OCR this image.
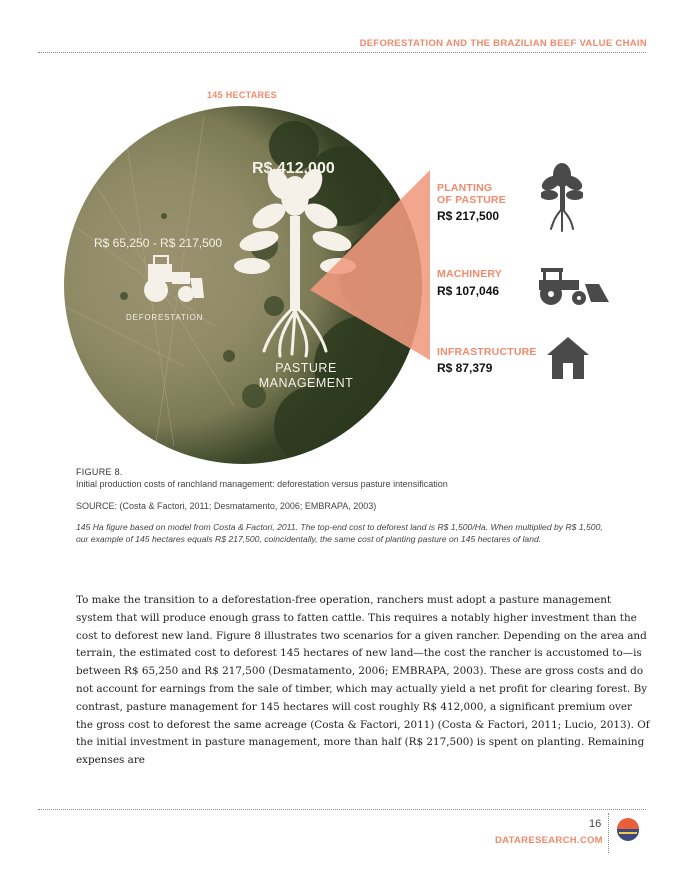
DEFORESTATION AND THE BRAZILIAN BEEF VALUE CHAIN
145 HECTARES
R$ 412,000
R$ 65,250 - R$ 217,500
DEFORESTATION
PASTURE
MANAGEMENT
PLANTING
OF PASTURE
R$ 217,500
MACHINERY
R$ 107,046
INFRASTRUCTURE
R$ 87,379
FIGURE 8.
Initial production costs of ranchland management: deforestation versus pasture intensification
SOURCE: (Costa & Factori, 2011; Desmatamento, 2006; EMBRAPA, 2003)
145 Ha figure based on model from Costa & Factori, 2011. The top-end cost to deforest land is R$ 1,500/Ha. When multiplied by R$ 1,500, our example of 145 hectares equals R$ 217,500, coincidentally, the same cost of planting pasture on 145 hectares of land.
To make the transition to a deforestation-free operation, ranchers must adopt a pasture management system that will produce enough grass to fatten cattle. This requires a notably higher investment than the cost to deforest new land. Figure 8 illustrates two scenarios for a given rancher. Depending on the area and terrain, the estimated cost to deforest 145 hectares of new land—the cost the rancher is accustomed to—is between R$ 65,250 and R$ 217,500 (Desmatamento, 2006; EMBRAPA, 2003). These are gross costs and do not account for earnings from the sale of timber, which may actually yield a net profit for clearing forest. By contrast, pasture management for 145 hectares will cost roughly R$ 412,000, a significant premium over the gross cost to deforest the same acreage (Costa & Factori, 2011) (Costa & Factori, 2011; Lucio, 2013). Of the initial investment in pasture management, more than half (R$ 217,500) is spent on planting. Remaining expenses are
16
DATARESEARCH.COM
